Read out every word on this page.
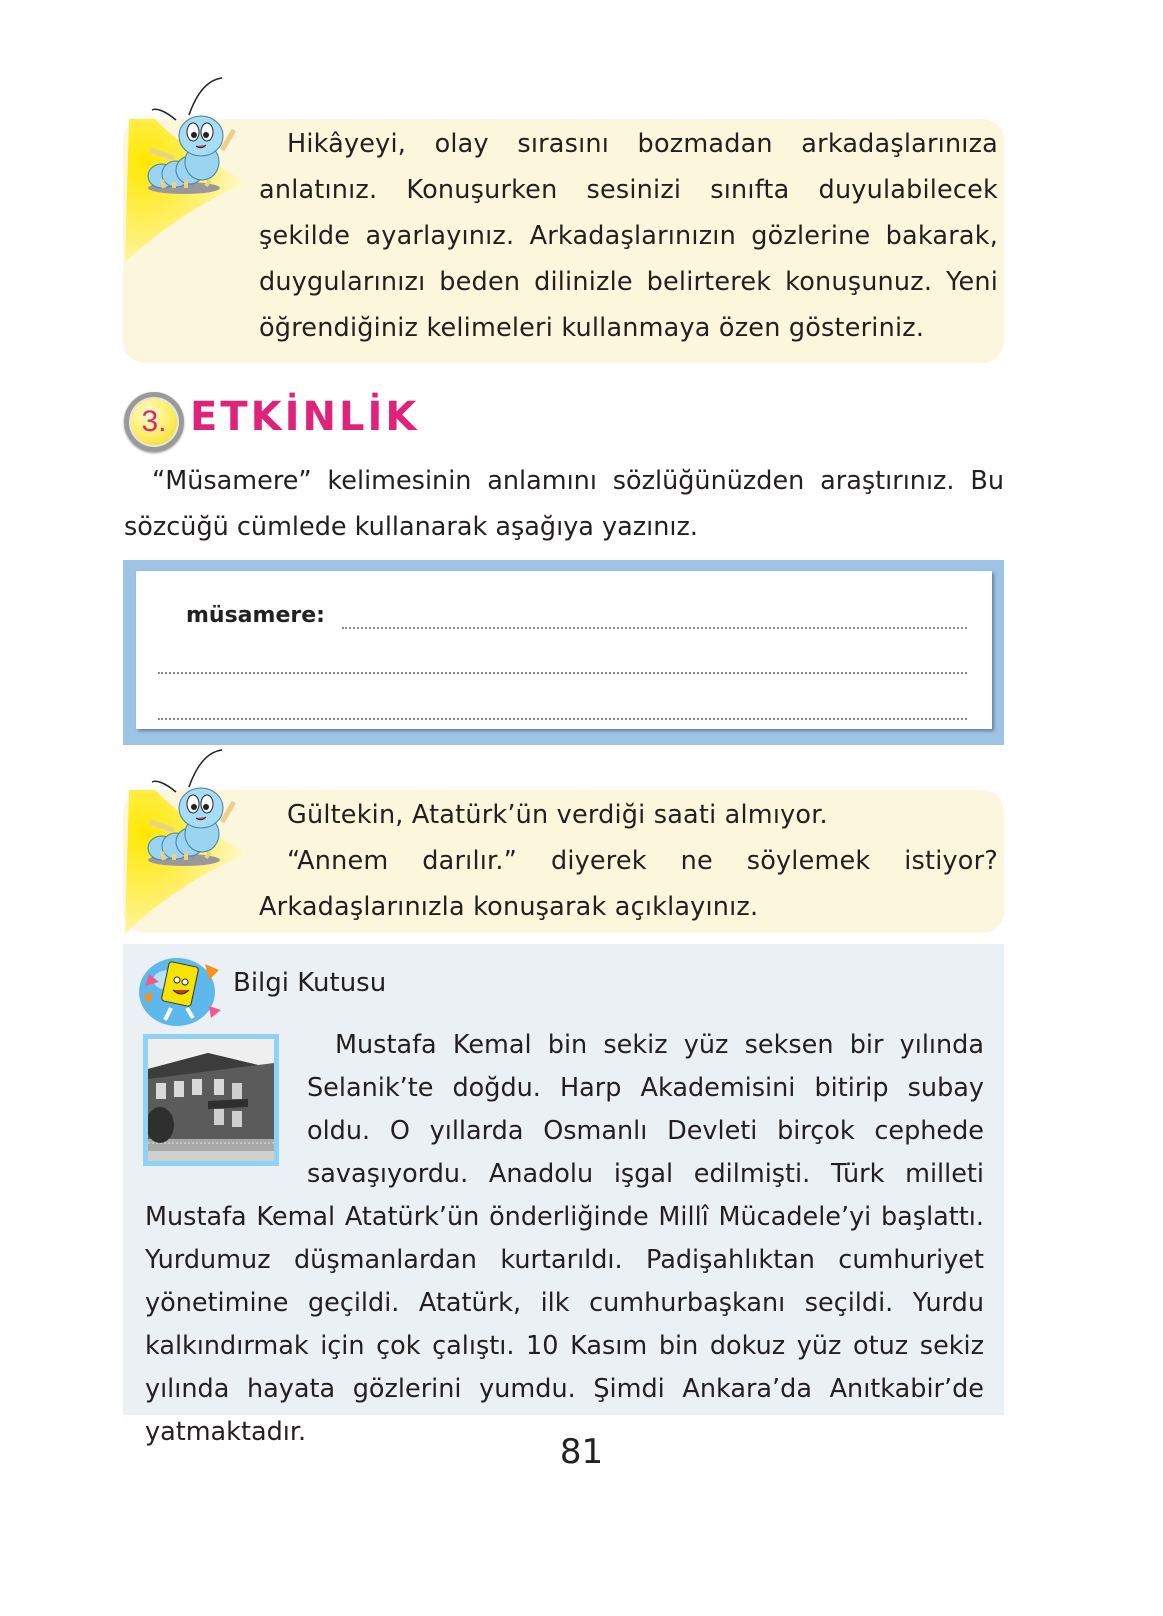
Hikâyeyi, olay sırasını bozmadan arkadaşlarınıza anlatınız. Konuşurken sesinizi sınıfta duyulabilecek şekilde ayarlayınız. Arkadaşlarınızın gözlerine bakarak, duygularınızı beden dilinizle belirterek konuşunuz. Yeni öğrendiğiniz kelimeleri kullanmaya özen gösteriniz.

3. ETKİNLİK

“Müsamere” kelimesinin anlamını sözlüğünüzden araştırınız. Bu sözcüğü cümlede kullanarak aşağıya yazınız.

müsamere:

Gültekin, Atatürk’ün verdiği saati almıyor.

“Annem darılır.” diyerek ne söylemek istiyor? Arkadaşlarınızla konuşarak açıklayınız.

Bilgi Kutusu

Mustafa Kemal bin sekiz yüz seksen bir yılında Selanik’te doğdu. Harp Akademisini bitirip subay oldu. O yıllarda Osmanlı Devleti birçok cephede savaşıyordu. Anadolu işgal edilmişti. Türk milleti Mustafa Kemal Atatürk’ün önderliğinde Millî Mücadele’yi başlattı. Yurdumuz düşmanlardan kurtarıldı. Padişahlıktan cumhuriyet yönetimine geçildi. Atatürk, ilk cumhurbaşkanı seçildi. Yurdu kalkındırmak için çok çalıştı. 10 Kasım bin dokuz yüz otuz sekiz yılında hayata gözlerini yumdu. Şimdi Ankara’da Anıtkabir’de yatmaktadır.	81
